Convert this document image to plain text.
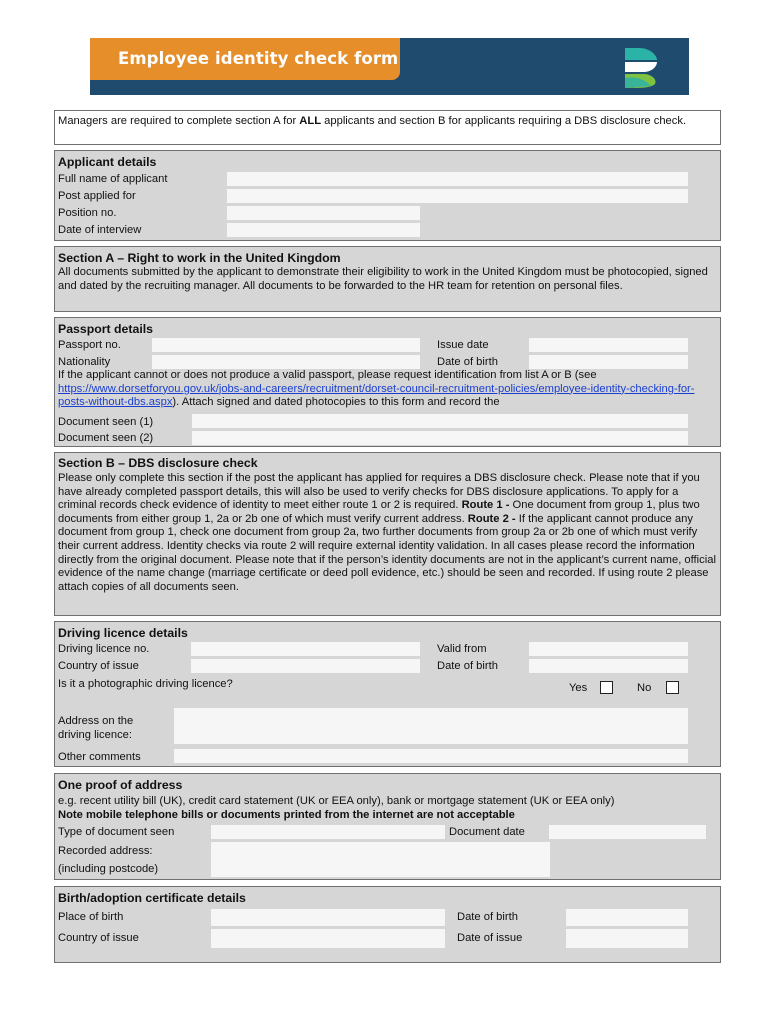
Employee identity check form
Managers are required to complete section A for ALL applicants and section B for applicants requiring a DBS disclosure check.
Applicant details
Full name of applicant
Post applied for
Position no.
Date of interview
Section A – Right to work in the United Kingdom
All documents submitted by the applicant to demonstrate their eligibility to work in the United Kingdom must be photocopied, signed and dated by the recruiting manager. All documents to be forwarded to the HR team for retention on personal files.
Passport details
Passport no.	Issue date
Nationality	Date of birth
If the applicant cannot or does not produce a valid passport, please request identification from list A or B (see https://www.dorsetforyou.gov.uk/jobs-and-careers/recruitment/dorset-council-recruitment-policies/employee-identity-checking-for-posts-without-dbs.aspx). Attach signed and dated photocopies to this form and record the
Document seen (1)
Document seen (2)
Section B – DBS disclosure check
Please only complete this section if the post the applicant has applied for requires a DBS disclosure check. Please note that if you have already completed passport details, this will also be used to verify checks for DBS disclosure applications. To apply for a criminal records check evidence of identity to meet either route 1 or 2 is required. Route 1 - One document from group 1, plus two documents from either group 1, 2a or 2b one of which must verify current address. Route 2 - If the applicant cannot produce any document from group 1, check one document from group 2a, two further documents from group 2a or 2b one of which must verify their current address. Identity checks via route 2 will require external identity validation. In all cases please record the information directly from the original document. Please note that if the person’s identity documents are not in the applicant’s current name, official evidence of the name change (marriage certificate or deed poll evidence, etc.) should be seen and recorded. If using route 2 please attach copies of all documents seen.
Driving licence details
Driving licence no.	Valid from
Country of issue	Date of birth
Is it a photographic driving licence?	Yes	No
Address on the
driving licence:
Other comments
One proof of address
e.g. recent utility bill (UK), credit card statement (UK or EEA only), bank or mortgage statement (UK or EEA only)
Note mobile telephone bills or documents printed from the internet are not acceptable
Type of document seen	Document date
Recorded address:
(including postcode)
Birth/adoption certificate details
Place of birth	Date of birth
Country of issue	Date of issue
